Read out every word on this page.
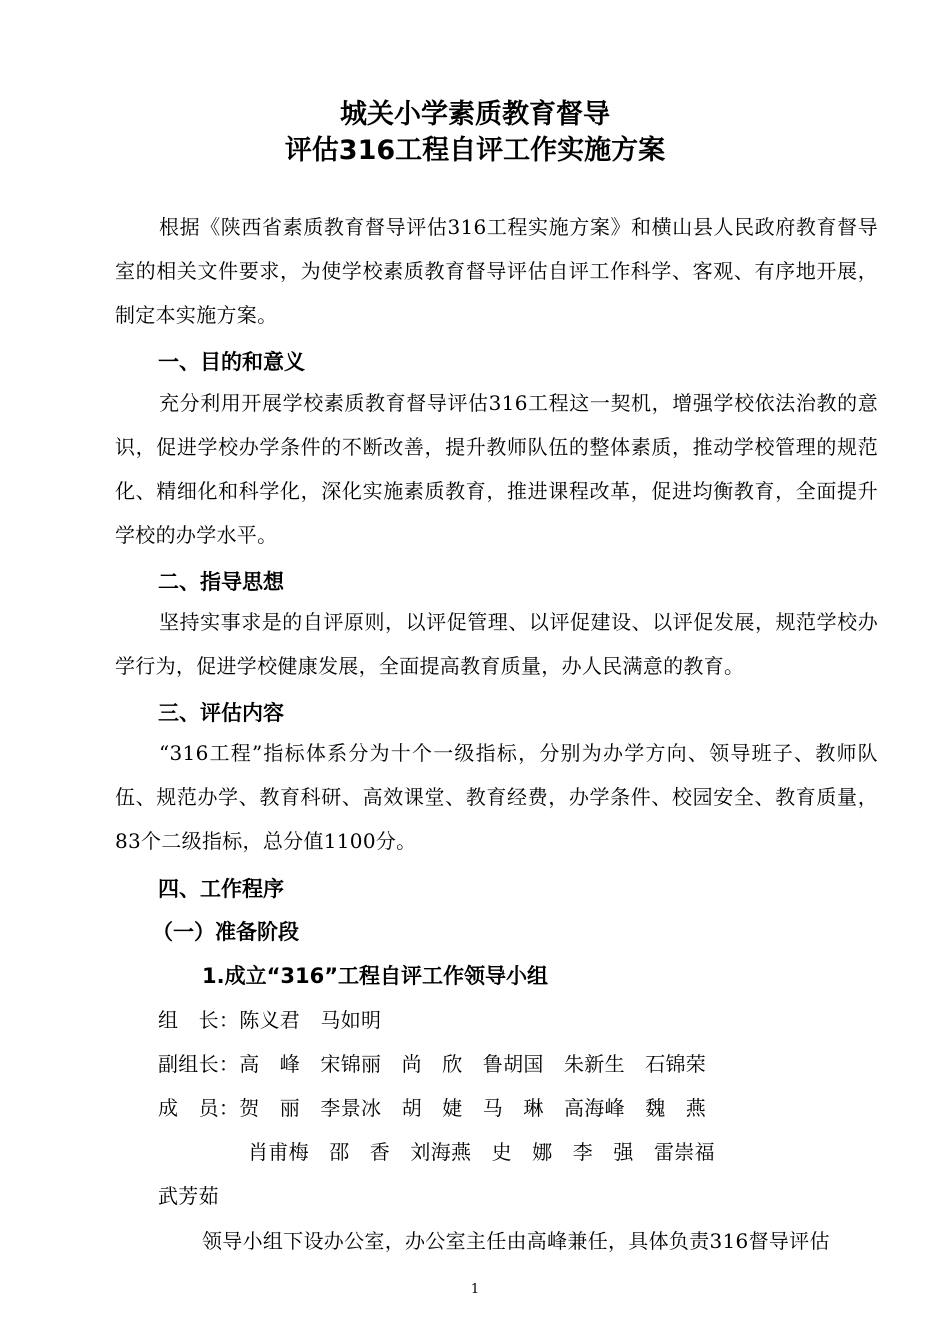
城关小学素质教育督导
评估316工程自评工作实施方案
根据《陕西省素质教育督导评估316工程实施方案》和横山县人民政府教育督导室的相关文件要求，为使学校素质教育督导评估自评工作科学、客观、有序地开展，制定本实施方案。
一、目的和意义
充分利用开展学校素质教育督导评估316工程这一契机，增强学校依法治教的意识，促进学校办学条件的不断改善，提升教师队伍的整体素质，推动学校管理的规范化、精细化和科学化，深化实施素质教育，推进课程改革，促进均衡教育，全面提升学校的办学水平。
二、指导思想
坚持实事求是的自评原则，以评促管理、以评促建设、以评促发展，规范学校办学行为，促进学校健康发展，全面提高教育质量，办人民满意的教育。
三、评估内容
“316工程”指标体系分为十个一级指标，分别为办学方向、领导班子、教师队伍、规范办学、教育科研、高效课堂、教育经费，办学条件、校园安全、教育质量，83个二级指标，总分值1100分。
四、工作程序
（一）准备阶段
1.成立“316”工程自评工作领导小组
组　长：陈义君　马如明
副组长：高　峰　宋锦丽　尚　欣　鲁胡国　朱新生　石锦荣
成　员：贺　丽　李景冰　胡　婕　马　琳　高海峰　魏　燕
肖甫梅　邵　香　刘海燕　史　娜　李　强　雷崇福
武芳茹
领导小组下设办公室，办公室主任由高峰兼任，具体负责316督导评估
1
